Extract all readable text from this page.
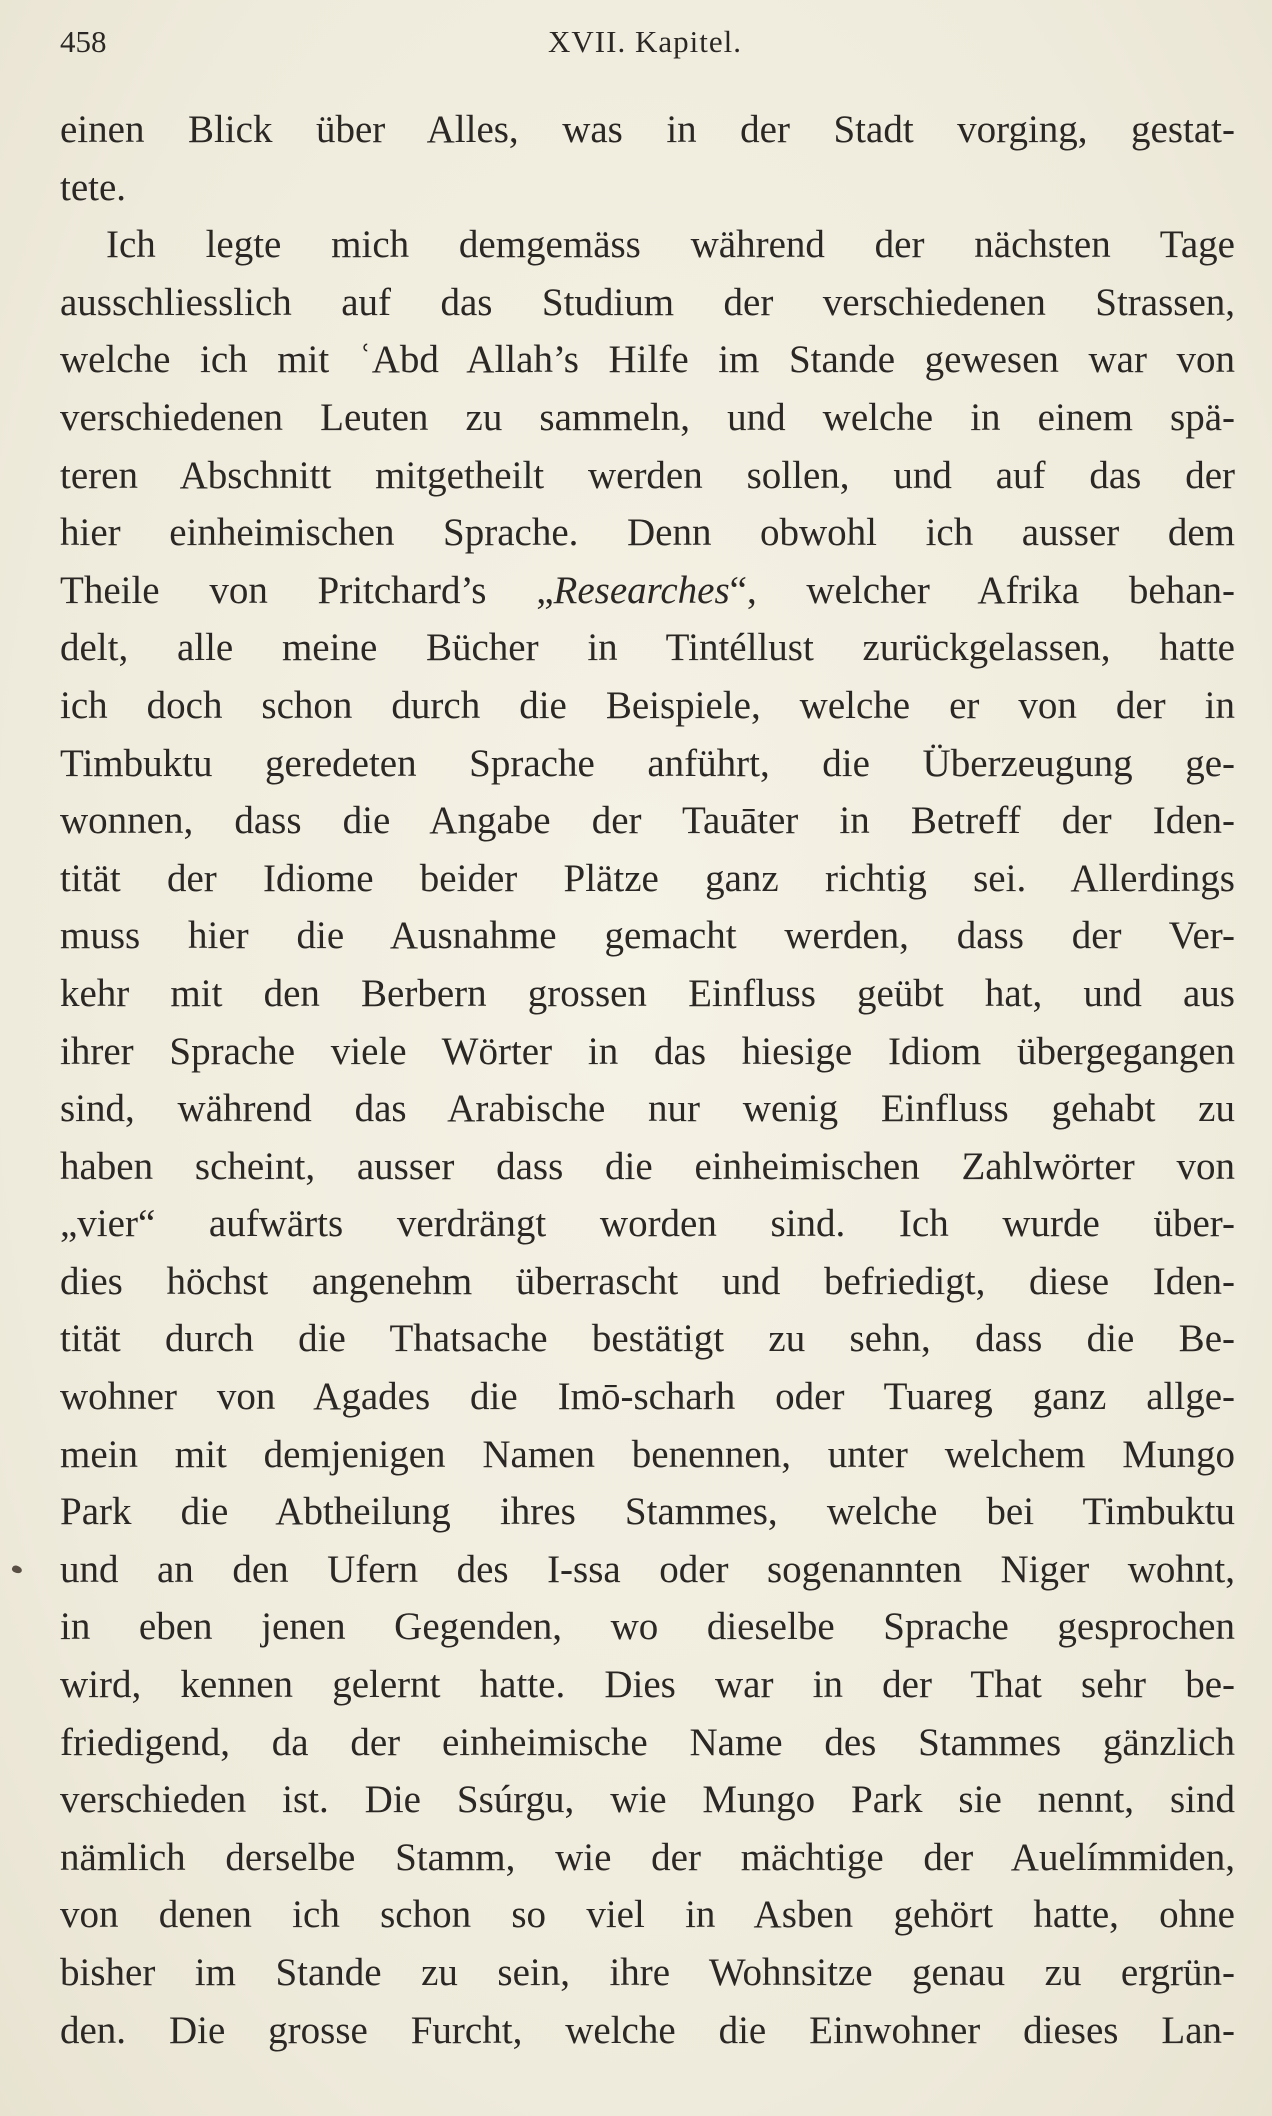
458	XVII. Kapitel.
einen Blick über Alles, was in der Stadt vorging, gestat-
tete.
Ich legte mich demgemäss während der nächsten Tage
ausschliesslich auf das Studium der verschiedenen Strassen,
welche ich mit ʿAbd Allah’s Hilfe im Stande gewesen war von
verschiedenen Leuten zu sammeln, und welche in einem spä-
teren Abschnitt mitgetheilt werden sollen, und auf das der
hier einheimischen Sprache. Denn obwohl ich ausser dem
Theile von Pritchard’s „Researches“, welcher Afrika behan-
delt, alle meine Bücher in Tintéllust zurückgelassen, hatte
ich doch schon durch die Beispiele, welche er von der in
Timbuktu geredeten Sprache anführt, die Überzeugung ge-
wonnen, dass die Angabe der Tauāter in Betreff der Iden-
tität der Idiome beider Plätze ganz richtig sei. Allerdings
muss hier die Ausnahme gemacht werden, dass der Ver-
kehr mit den Berbern grossen Einfluss geübt hat, und aus
ihrer Sprache viele Wörter in das hiesige Idiom übergegangen
sind, während das Arabische nur wenig Einfluss gehabt zu
haben scheint, ausser dass die einheimischen Zahlwörter von
„vier“ aufwärts verdrängt worden sind. Ich wurde über-
dies höchst angenehm überrascht und befriedigt, diese Iden-
tität durch die Thatsache bestätigt zu sehn, dass die Be-
wohner von Agades die Imō-scharh oder Tuareg ganz allge-
mein mit demjenigen Namen benennen, unter welchem Mungo
Park die Abtheilung ihres Stammes, welche bei Timbuktu
und an den Ufern des I-ssa oder sogenannten Niger wohnt,
in eben jenen Gegenden, wo dieselbe Sprache gesprochen
wird, kennen gelernt hatte. Dies war in der That sehr be-
friedigend, da der einheimische Name des Stammes gänzlich
verschieden ist. Die Ssúrgu, wie Mungo Park sie nennt, sind
nämlich derselbe Stamm, wie der mächtige der Auelímmiden,
von denen ich schon so viel in Asben gehört hatte, ohne
bisher im Stande zu sein, ihre Wohnsitze genau zu ergrün-
den. Die grosse Furcht, welche die Einwohner dieses Lan-
